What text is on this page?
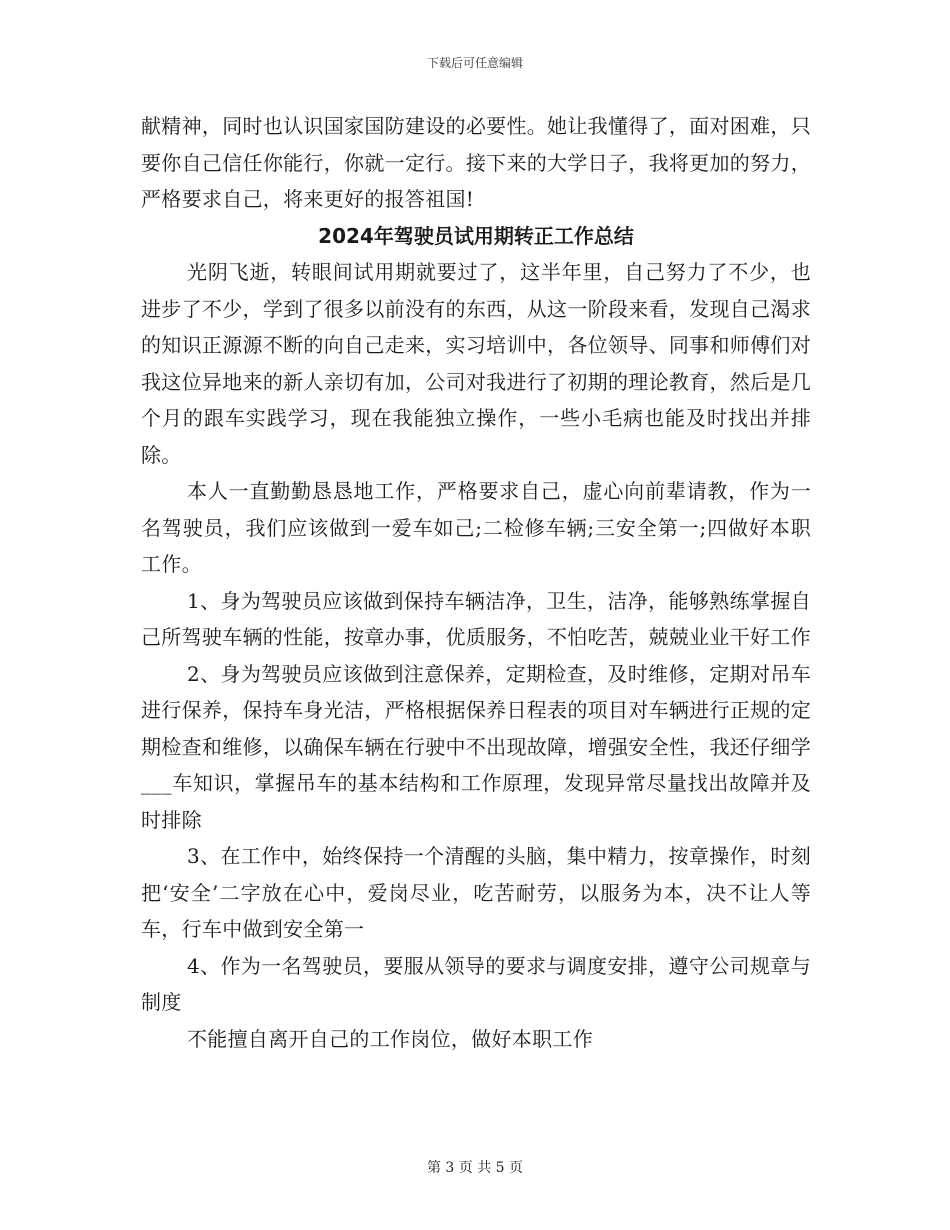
下载后可任意编辑

献精神，同时也认识国家国防建设的必要性。她让我懂得了，面对困难，只要你自己信任你能行，你就一定行。接下来的大学日子，我将更加的努力，严格要求自己，将来更好的报答祖国!

2024年驾驶员试用期转正工作总结

光阴飞逝，转眼间试用期就要过了，这半年里，自己努力了不少，也进步了不少，学到了很多以前没有的东西，从这一阶段来看，发现自己渴求的知识正源源不断的向自己走来，实习培训中，各位领导、同事和师傅们对我这位异地来的新人亲切有加，公司对我进行了初期的理论教育，然后是几个月的跟车实践学习，现在我能独立操作，一些小毛病也能及时找出并排除。

本人一直勤勤恳恳地工作，严格要求自己，虚心向前辈请教，作为一名驾驶员，我们应该做到一爱车如己;二检修车辆;三安全第一;四做好本职工作。

1、身为驾驶员应该做到保持车辆洁净，卫生，洁净，能够熟练掌握自己所驾驶车辆的性能，按章办事，优质服务，不怕吃苦，兢兢业业干好工作

2、身为驾驶员应该做到注意保养，定期检查，及时维修，定期对吊车进行保养，保持车身光洁，严格根据保养日程表的项目对车辆进行正规的定期检查和维修，以确保车辆在行驶中不出现故障，增强安全性，我还仔细学___车知识，掌握吊车的基本结构和工作原理，发现异常尽量找出故障并及时排除

3、在工作中，始终保持一个清醒的头脑，集中精力，按章操作，时刻把‘安全’二字放在心中，爱岗尽业，吃苦耐劳，以服务为本，决不让人等车，行车中做到安全第一

4、作为一名驾驶员，要服从领导的要求与调度安排，遵守公司规章与制度

不能擅自离开自己的工作岗位，做好本职工作

第 3 页 共 5 页
